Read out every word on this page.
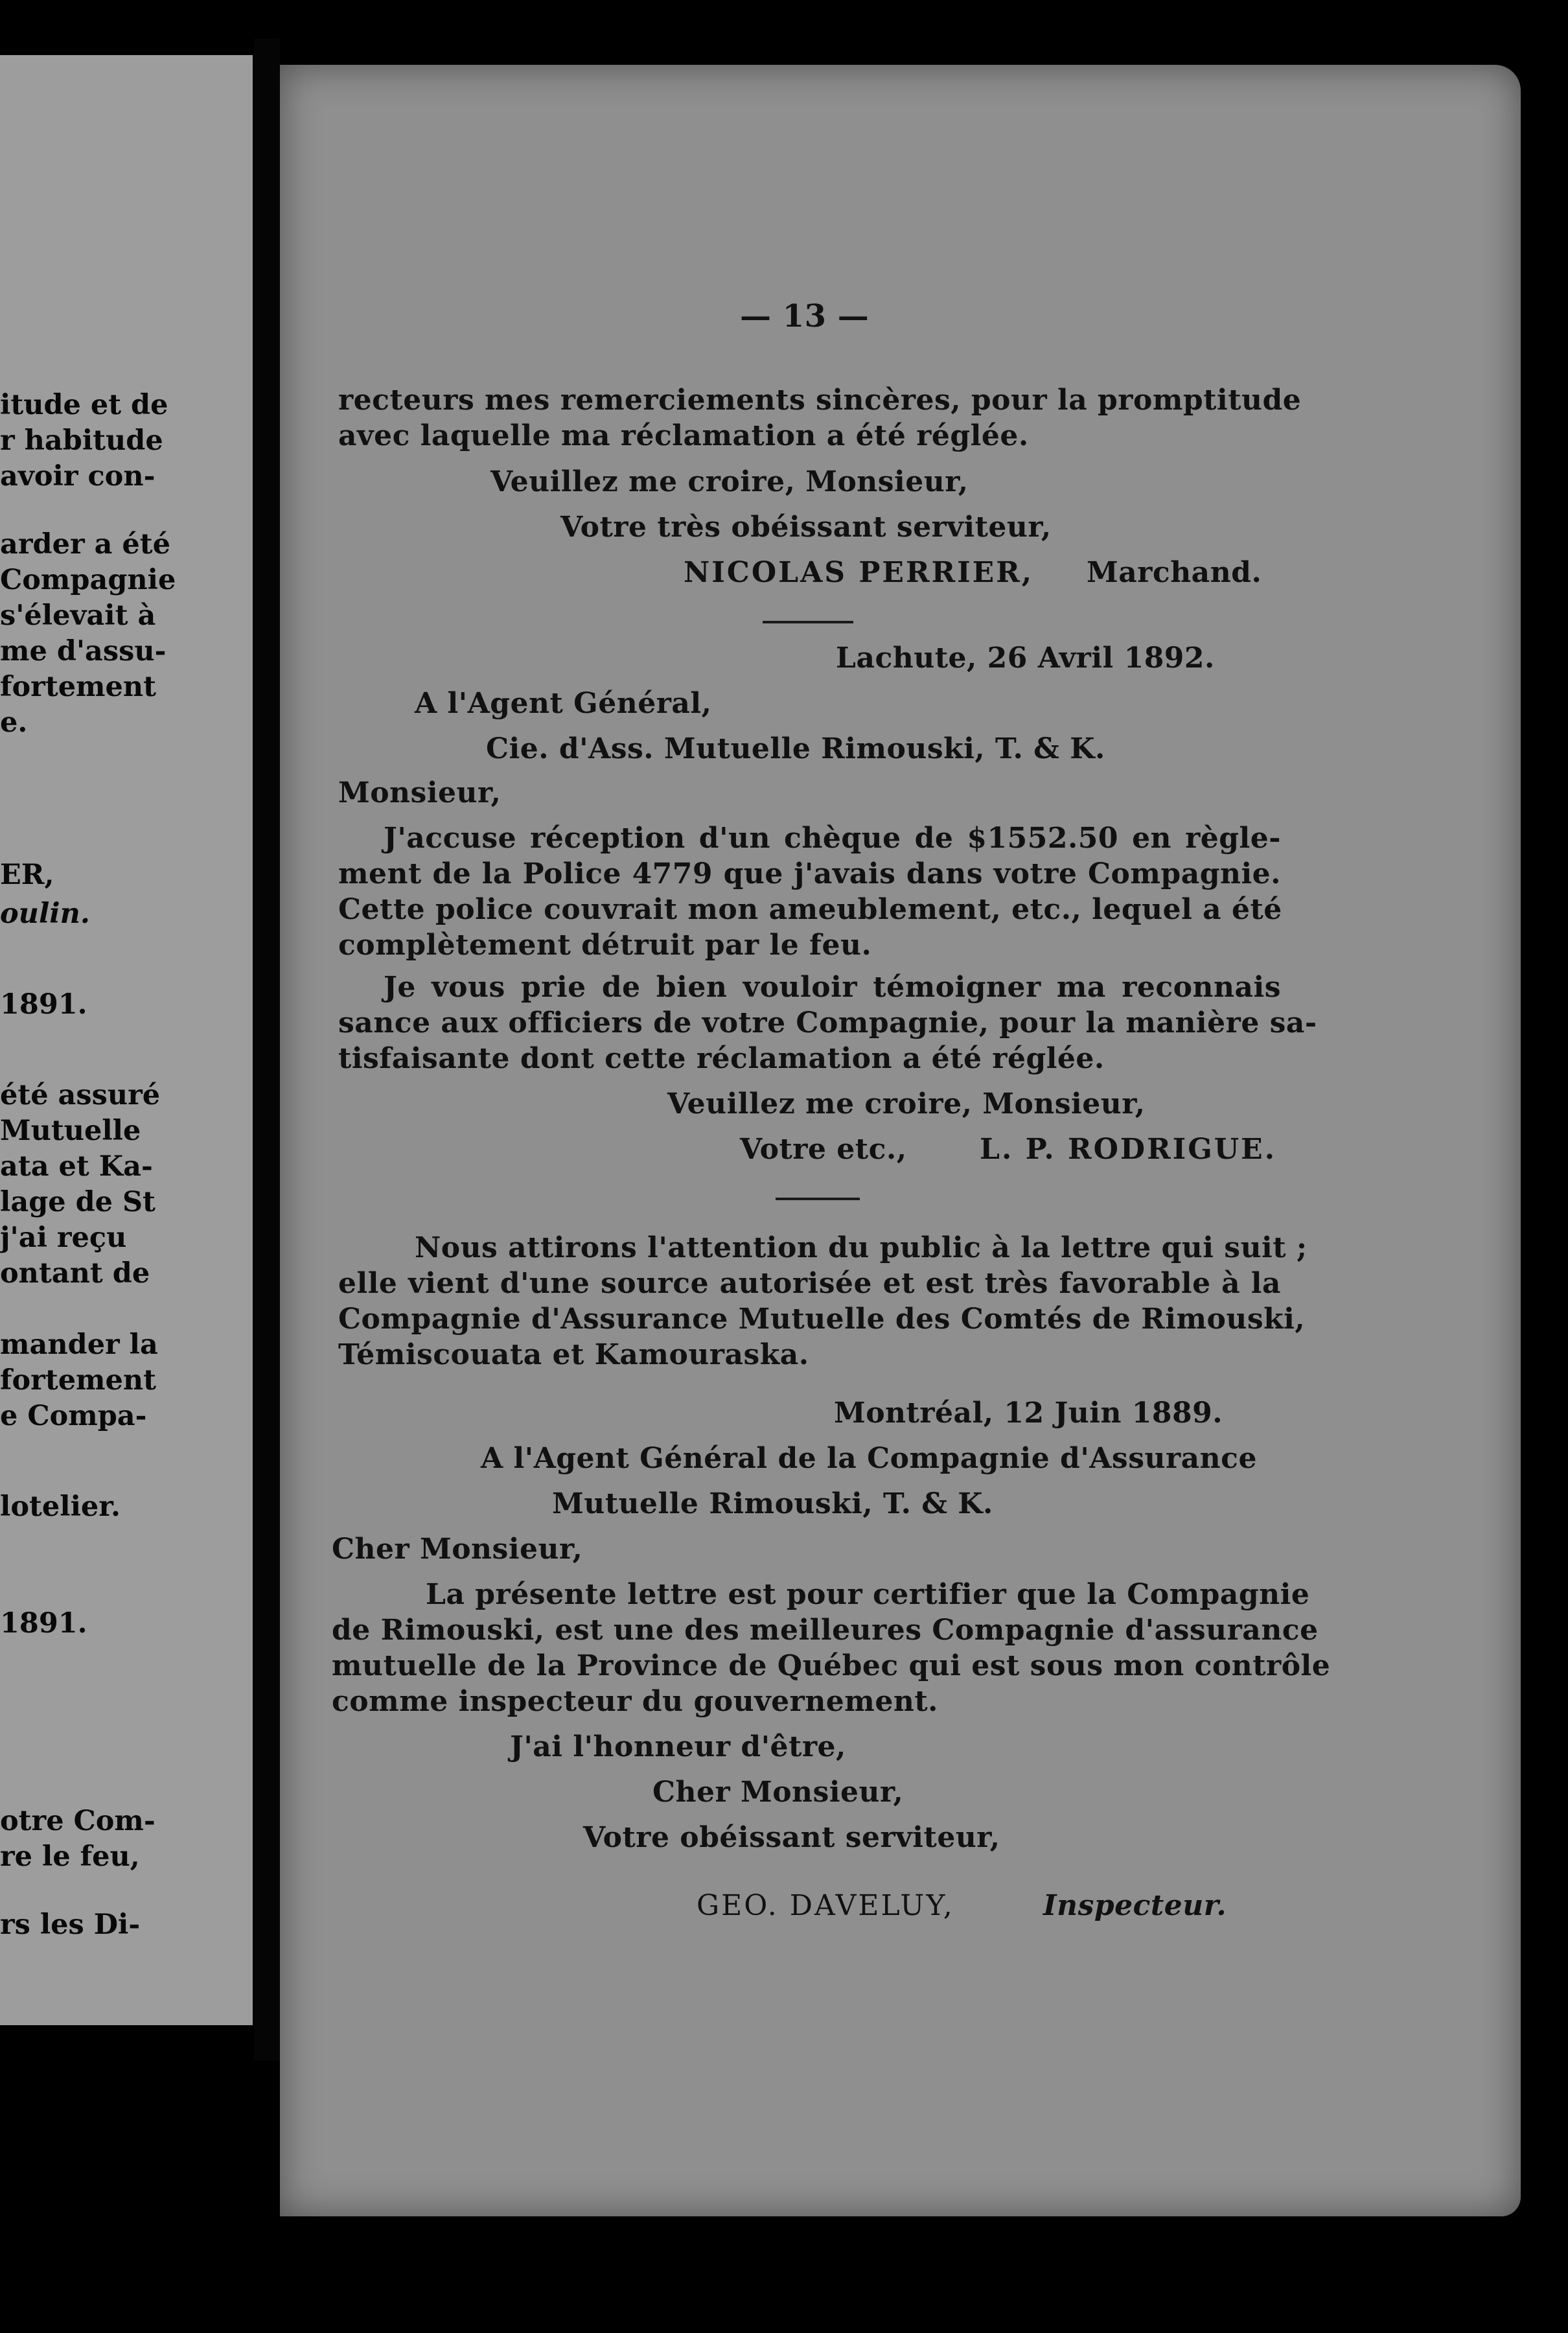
itude et de
r habitude
avoir con-
arder a été
Compagnie
s'élevait à
me d'assu-
fortement
e.
ER,
oulin.
1891.
été assuré
Mutuelle
ata et Ka-
lage de St
j'ai reçu
ontant de
mander la
fortement
e Compa-
lotelier.
1891.
otre Com-
re le feu,
rs les Di-
— 13 —
recteurs mes remerciements sincères, pour la promptitude
avec laquelle ma réclamation a été réglée.
Veuillez me croire, Monsieur,
Votre très obéissant serviteur,
NICOLAS PERRIER, Marchand.
Lachute, 26 Avril 1892.
A l'Agent Général,
Cie. d'Ass. Mutuelle Rimouski, T. & K.
Monsieur,
J'accuse réception d'un chèque de $1552.50 en règle-
ment de la Police 4779 que j'avais dans votre Compagnie.
Cette police couvrait mon ameublement, etc., lequel a été
complètement détruit par le feu.
Je vous prie de bien vouloir témoigner ma reconnais
sance aux officiers de votre Compagnie, pour la manière sa-
tisfaisante dont cette réclamation a été réglée.
Veuillez me croire, Monsieur,
Votre etc.,	L. P. RODRIGUE.
Nous attirons l'attention du public à la lettre qui suit ;
elle vient d'une source autorisée et est très favorable à la
Compagnie d'Assurance Mutuelle des Comtés de Rimouski,
Témiscouata et Kamouraska.
Montréal, 12 Juin 1889.
A l'Agent Général de la Compagnie d'Assurance
Mutuelle Rimouski, T. & K.
Cher Monsieur,
La présente lettre est pour certifier que la Compagnie
de Rimouski, est une des meilleures Compagnie d'assurance
mutuelle de la Province de Québec qui est sous mon contrôle
comme inspecteur du gouvernement.
J'ai l'honneur d'être,
Cher Monsieur,
Votre obéissant serviteur,
GEO. DAVELUY,	Inspecteur.
